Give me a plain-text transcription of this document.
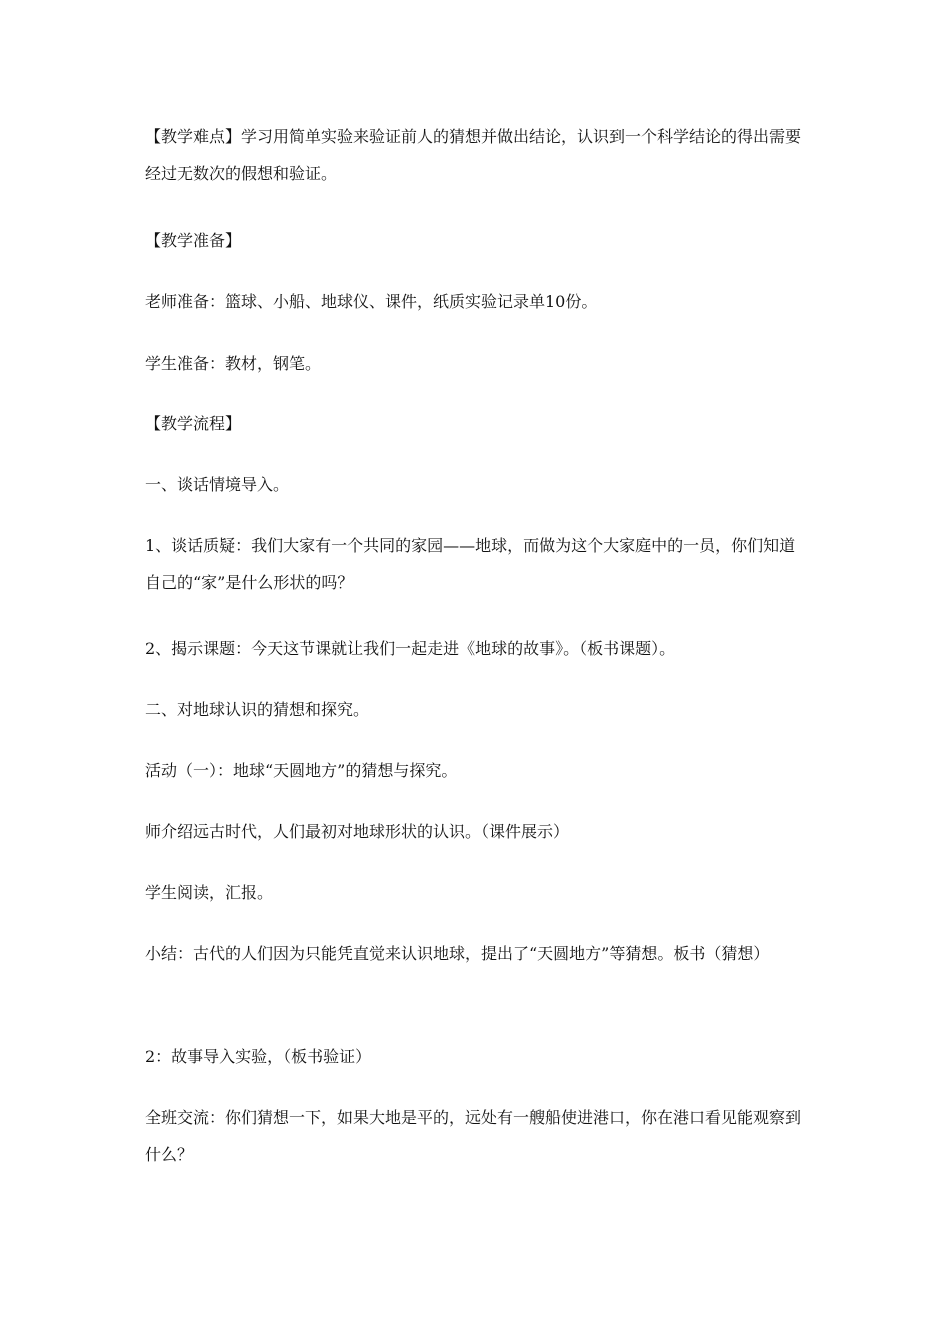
【教学难点】学习用简单实验来验证前人的猜想并做出结论，认识到一个科学结论的得出需要经过无数次的假想和验证。

【教学准备】

老师准备：篮球、小船、地球仪、课件，纸质实验记录单10份。

学生准备：教材，钢笔。

【教学流程】

一、谈话情境导入。

1、谈话质疑：我们大家有一个共同的家园——地球，而做为这个大家庭中的一员，你们知道自己的“家”是什么形状的吗？

2、揭示课题：今天这节课就让我们一起走进《地球的故事》。（板书课题）。

二、对地球认识的猜想和探究。

活动（一）：地球“天圆地方”的猜想与探究。

师介绍远古时代，人们最初对地球形状的认识。（课件展示）

学生阅读，汇报。

小结：古代的人们因为只能凭直觉来认识地球，提出了“天圆地方”等猜想。板书（猜想）

2：故事导入实验，（板书验证）

全班交流：你们猜想一下，如果大地是平的，远处有一艘船使进港口，你在港口看见能观察到什么？
